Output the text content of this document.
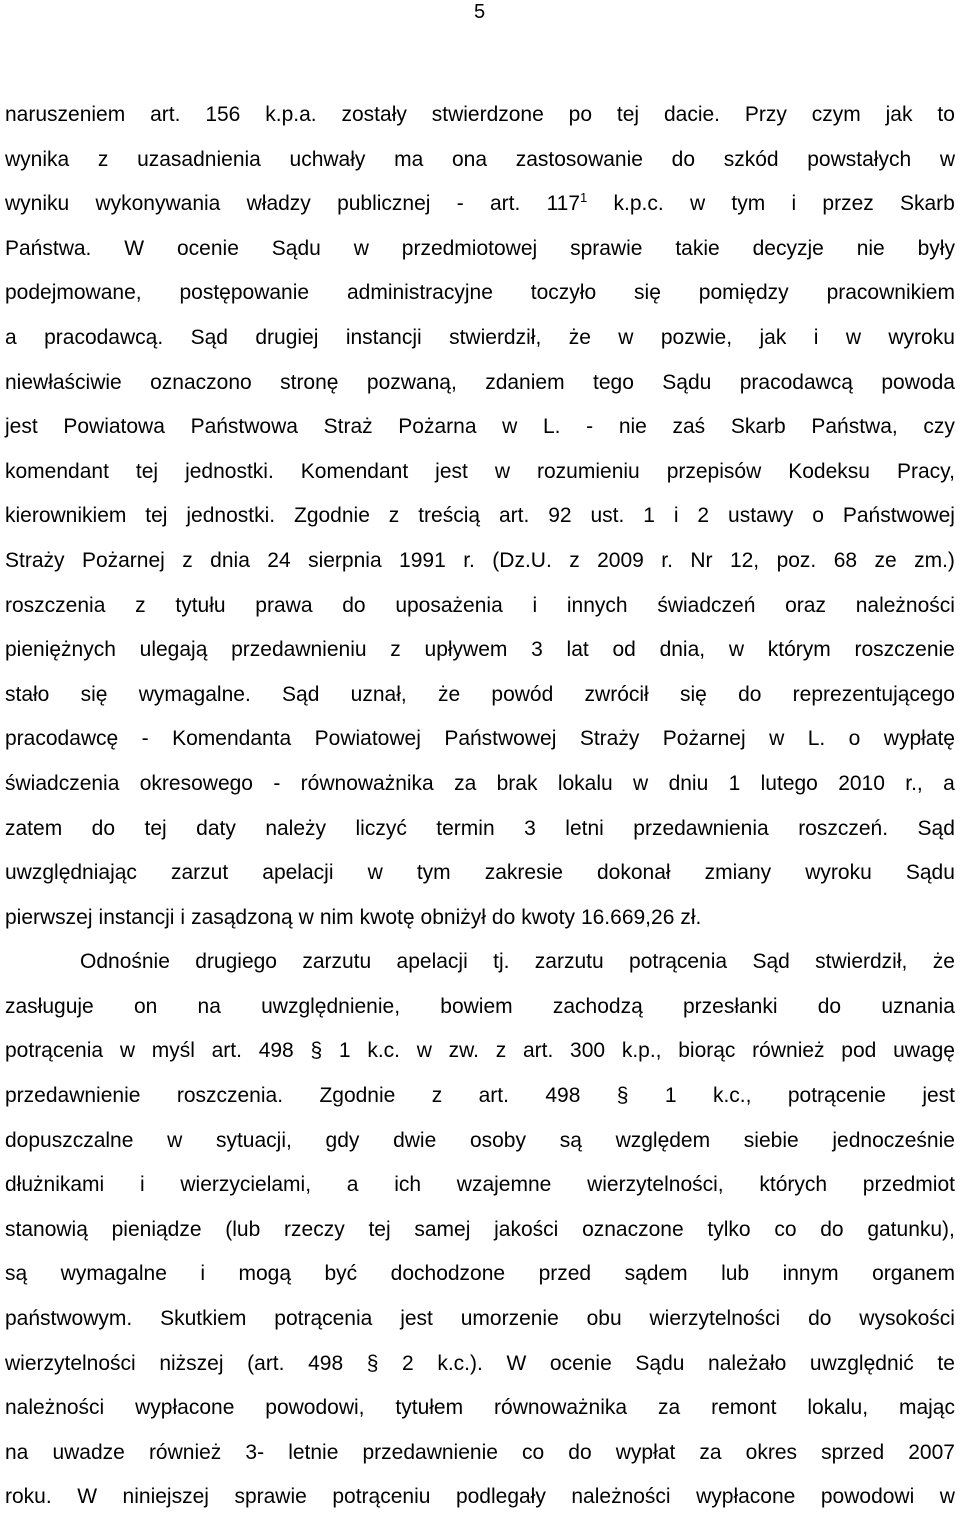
5
naruszeniem art. 156 k.p.a. zostały stwierdzone po tej dacie. Przy czym jak to
wynika z uzasadnienia uchwały ma ona zastosowanie do szkód powstałych w
wyniku wykonywania władzy publicznej - art. $117^1$ k.p.c. w tym i przez Skarb
Państwa. W ocenie Sądu w przedmiotowej sprawie takie decyzje nie były
podejmowane, postępowanie administracyjne toczyło się pomiędzy pracownikiem
a pracodawcą. Sąd drugiej instancji stwierdził, że w pozwie, jak i w wyroku
niewłaściwie oznaczono stronę pozwaną, zdaniem tego Sądu pracodawcą powoda
jest Powiatowa Państwowa Straż Pożarna w L. - nie zaś Skarb Państwa, czy
komendant tej jednostki. Komendant jest w rozumieniu przepisów Kodeksu Pracy,
kierownikiem tej jednostki. Zgodnie z treścią art. 92 ust. 1 i 2 ustawy o Państwowej
Straży Pożarnej z dnia 24 sierpnia 1991 r. (Dz.U. z 2009 r. Nr 12, poz. 68 ze zm.)
roszczenia z tytułu prawa do uposażenia i innych świadczeń oraz należności
pieniężnych ulegają przedawnieniu z upływem 3 lat od dnia, w którym roszczenie
stało się wymagalne. Sąd uznał, że powód zwrócił się do reprezentującego
pracodawcę - Komendanta Powiatowej Państwowej Straży Pożarnej w L. o wypłatę
świadczenia okresowego - równoważnika za brak lokalu w dniu 1 lutego 2010 r., a
zatem do tej daty należy liczyć termin 3 letni przedawnienia roszczeń. Sąd
uwzględniając zarzut apelacji w tym zakresie dokonał zmiany wyroku Sądu
pierwszej instancji i zasądzoną w nim kwotę obniżył do kwoty 16.669,26 zł.
Odnośnie drugiego zarzutu apelacji tj. zarzutu potrącenia Sąd stwierdził, że
zasługuje on na uwzględnienie, bowiem zachodzą przesłanki do uznania
potrącenia w myśl art. 498 § 1 k.c. w zw. z art. 300 k.p., biorąc również pod uwagę
przedawnienie roszczenia. Zgodnie z art. 498 § 1 k.c., potrącenie jest
dopuszczalne w sytuacji, gdy dwie osoby są względem siebie jednocześnie
dłużnikami i wierzycielami, a ich wzajemne wierzytelności, których przedmiot
stanowią pieniądze (lub rzeczy tej samej jakości oznaczone tylko co do gatunku),
są wymagalne i mogą być dochodzone przed sądem lub innym organem
państwowym. Skutkiem potrącenia jest umorzenie obu wierzytelności do wysokości
wierzytelności niższej (art. 498 § 2 k.c.). W ocenie Sądu należało uwzględnić te
należności wypłacone powodowi, tytułem równoważnika za remont lokalu, mając
na uwadze również 3- letnie przedawnienie co do wypłat za okres sprzed 2007
roku. W niniejszej sprawie potrąceniu podlegały należności wypłacone powodowi w
